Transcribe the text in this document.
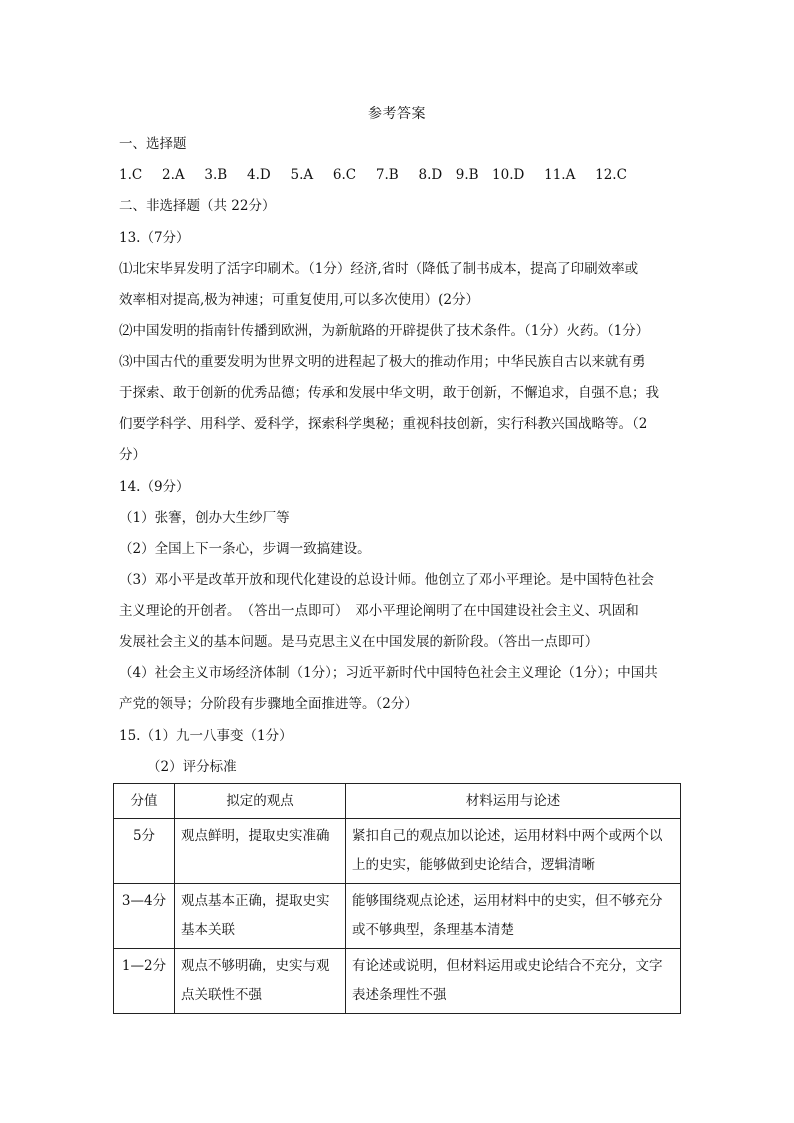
参考答案
一、选择题
1.C　 2.A　 3.B　 4.D　 5.A　 6.C　 7.B　 8.D　9.B　10.D　 11.A　 12.C
二、非选择题（共 22分）
13.（7分）
⑴北宋毕昇发明了活字印刷术。（1分）经济,省时（降低了制书成本，提高了印刷效率或
效率相对提高,极为神速；可重复使用,可以多次使用）(2分）
⑵中国发明的指南针传播到欧洲，为新航路的开辟提供了技术条件。（1分）火药。（1分）
⑶中国古代的重要发明为世界文明的进程起了极大的推动作用；中华民族自古以来就有勇
于探索、敢于创新的优秀品德；传承和发展中华文明，敢于创新，不懈追求，自强不息；我
们要学科学、用科学、爱科学，探索科学奥秘；重视科技创新，实行科教兴国战略等。（2
分）
14.（9分）
（1）张謇，创办大生纱厂等
（2）全国上下一条心，步调一致搞建设。
（3）邓小平是改革开放和现代化建设的总设计师。他创立了邓小平理论。是中国特色社会
主义理论的开创者。　（答出一点即可）　邓小平理论阐明了在中国建设社会主义、巩固和
发展社会主义的基本问题。是马克思主义在中国发展的新阶段。（答出一点即可）
（4）社会主义市场经济体制（1分）；习近平新时代中国特色社会主义理论（1分）；中国共
产党的领导；分阶段有步骤地全面推进等。（2分）
15.（1）九一八事变（1分）
（2）评分标准
分值	拟定的观点	材料运用与论述
5分	观点鲜明，提取史实准确	紧扣自己的观点加以论述，运用材料中两个或两个以上的史实，能够做到史论结合，逻辑清晰
3—4分	观点基本正确，提取史实基本关联	能够围绕观点论述，运用材料中的史实，但不够充分或不够典型，条理基本清楚
1—2分	观点不够明确，史实与观点关联性不强	有论述或说明，但材料运用或史论结合不充分，文字表述条理性不强
